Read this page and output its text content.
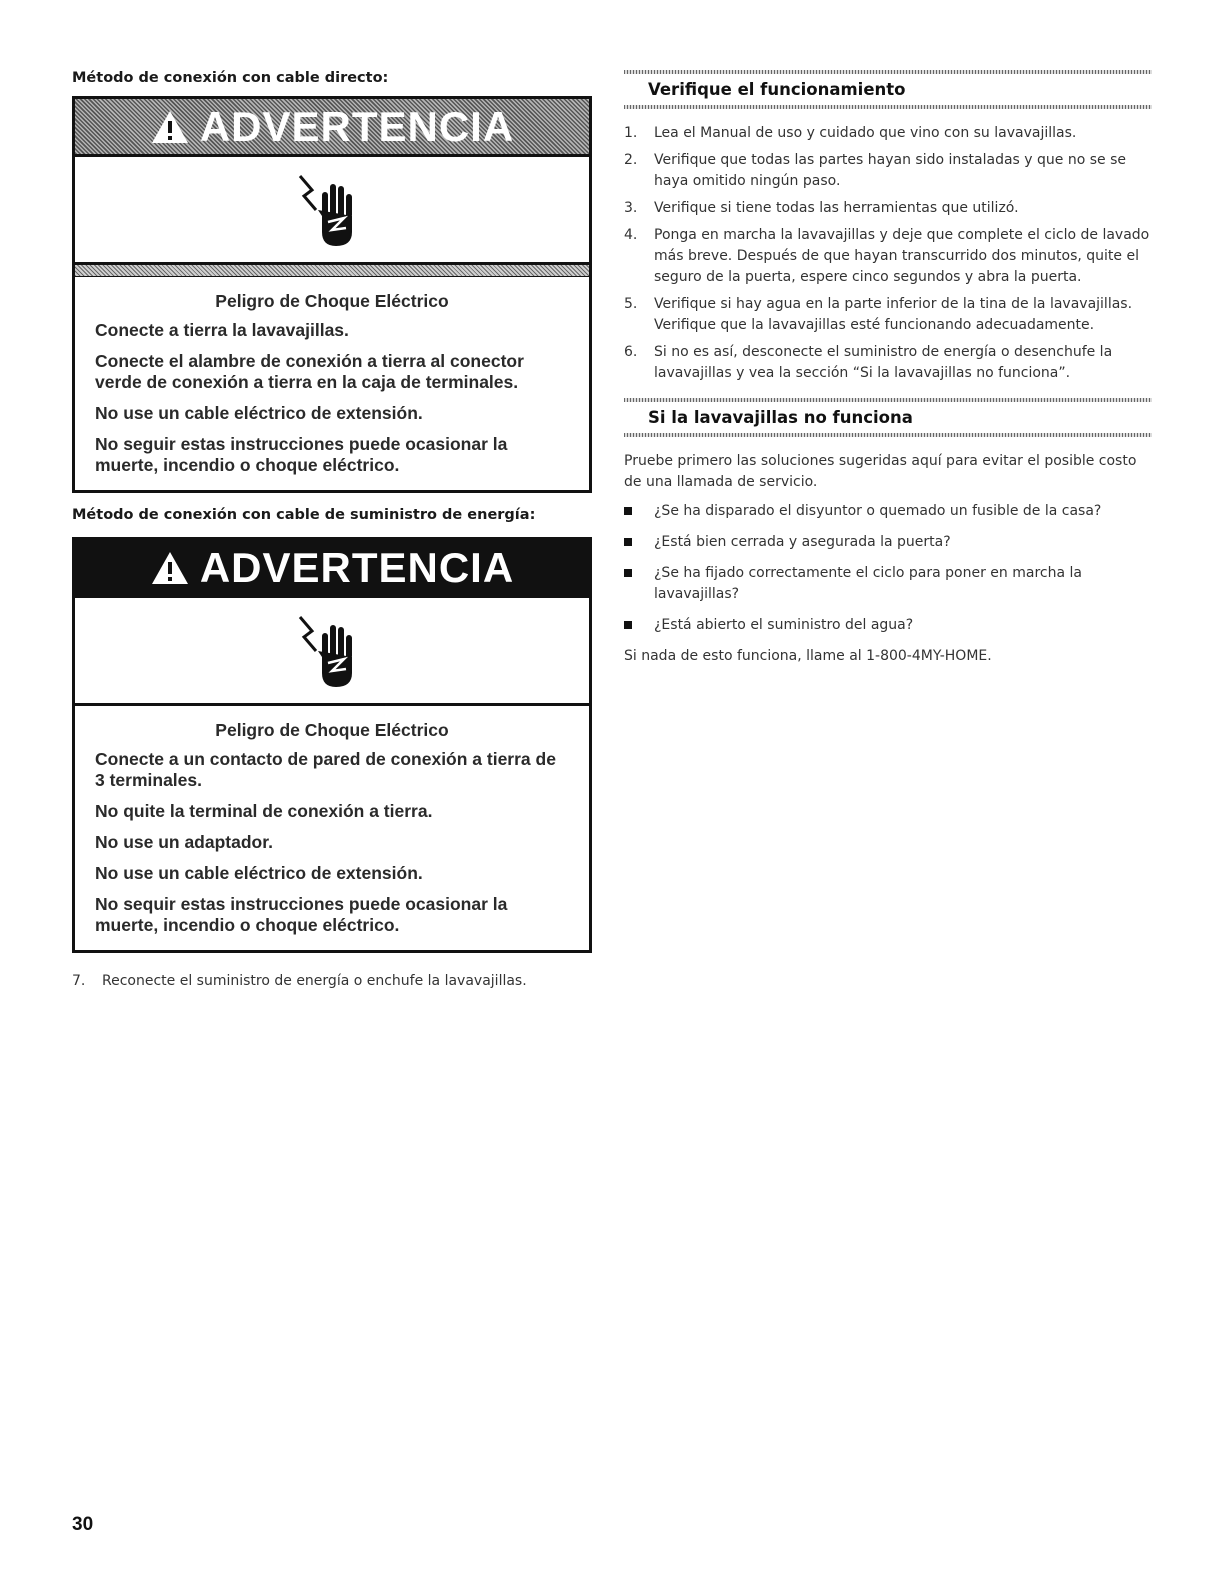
Método de conexión con cable directo:
ADVERTENCIA
Peligro de Choque Eléctrico

Conecte a tierra la lavavajillas.

Conecte el alambre de conexión a tierra al conector verde de conexión a tierra en la caja de terminales.

No use un cable eléctrico de extensión.

No seguir estas instrucciones puede ocasionar la muerte, incendio o choque eléctrico.

Método de conexión con cable de suministro de energía:
ADVERTENCIA
Peligro de Choque Eléctrico

Conecte a un contacto de pared de conexión a tierra de 3 terminales.

No quite la terminal de conexión a tierra.

No use un adaptador.

No use un cable eléctrico de extensión.

No sequir estas instrucciones puede ocasionar la muerte, incendio o choque eléctrico.

7.	Reconecte el suministro de energía o enchufe la lavavajillas.
Verifique el funcionamiento
1.	Lea el Manual de uso y cuidado que vino con su lavavajillas.
2.	Verifique que todas las partes hayan sido instaladas y que no se se haya omitido ningún paso.
3.	Verifique si tiene todas las herramientas que utilizó.
4.	Ponga en marcha la lavavajillas y deje que complete el ciclo de lavado más breve. Después de que hayan transcurrido dos minutos, quite el seguro de la puerta, espere cinco segundos y abra la puerta.
5.	Verifique si hay agua en la parte inferior de la tina de la lavavajillas. Verifique que la lavavajillas esté funcionando adecuadamente.
6.	Si no es así, desconecte el suministro de energía o desenchufe la lavavajillas y vea la sección “Si la lavavajillas no funciona”.
Si la lavavajillas no funciona

Pruebe primero las soluciones sugeridas aquí para evitar el posible costo de una llamada de servicio.

¿Se ha disparado el disyuntor o quemado un fusible de la casa?
¿Está bien cerrada y asegurada la puerta?
¿Se ha fijado correctamente el ciclo para poner en marcha la lavavajillas?
¿Está abierto el suministro del agua?

Si nada de esto funciona, llame al 1-800-4MY-HOME.

30
